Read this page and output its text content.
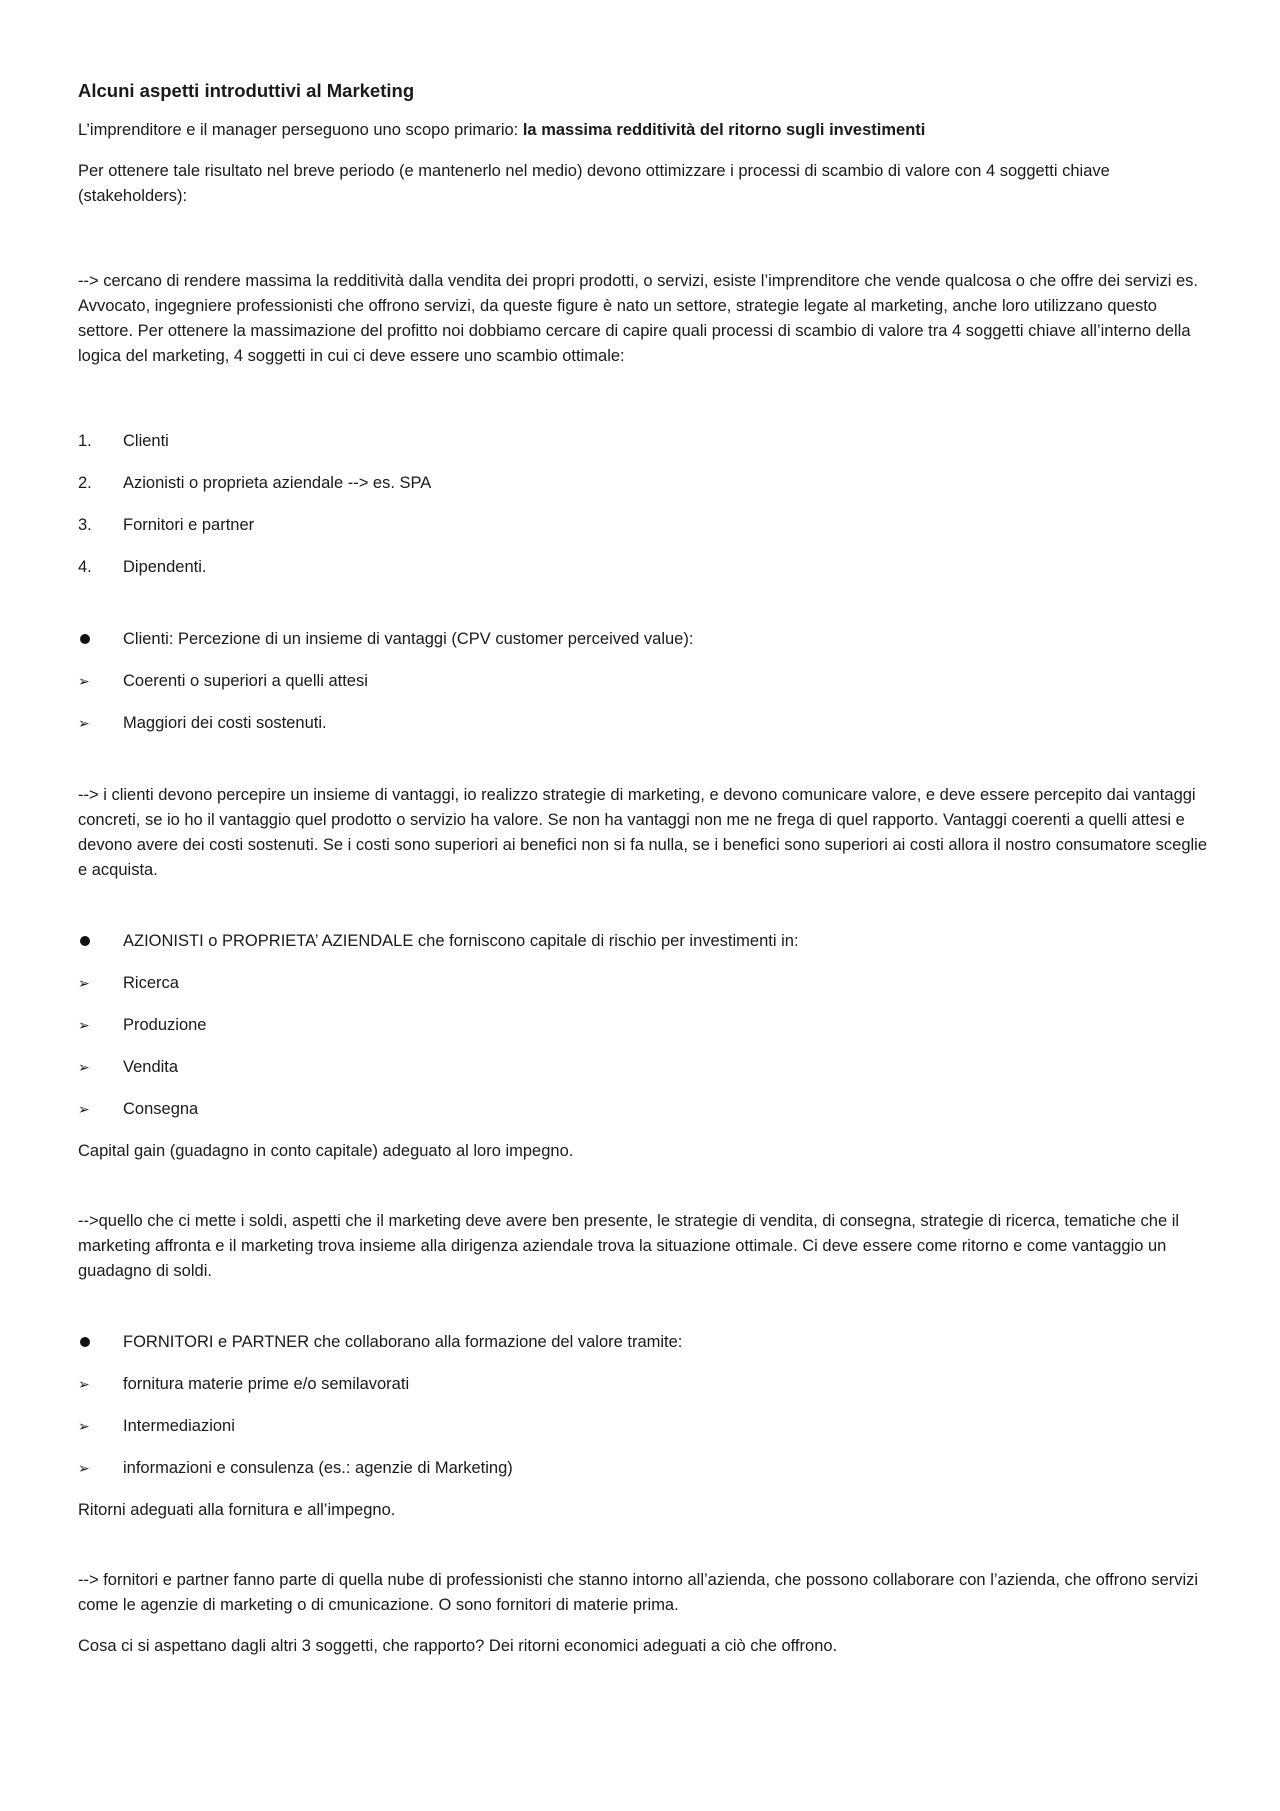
Alcuni aspetti introduttivi al Marketing

L’imprenditore e il manager perseguono uno scopo primario: la massima redditività del ritorno sugli investimenti

Per ottenere tale risultato nel breve periodo (e mantenerlo nel medio) devono ottimizzare i processi di scambio di valore con 4 soggetti chiave (stakeholders):

--> cercano di rendere massima la redditività dalla vendita dei propri prodotti, o servizi, esiste l’imprenditore che vende qualcosa o che offre dei servizi es. Avvocato, ingegniere professionisti che offrono servizi, da queste figure è nato un settore, strategie legate al marketing, anche loro utilizzano questo settore. Per ottenere la massimazione del profitto noi dobbiamo cercare di capire quali processi di scambio di valore tra 4 soggetti chiave all’interno della logica del marketing, 4 soggetti in cui ci deve essere uno scambio ottimale:

1.	Clienti
2.	Azionisti o proprieta aziendale --> es. SPA
3.	Fornitori e partner
4.	Dipendenti.
Clienti: Percezione di un insieme di vantaggi (CPV customer perceived value):
➢	Coerenti o superiori a quelli attesi
➢	Maggiori dei costi sostenuti.

--> i clienti devono percepire un insieme di vantaggi, io realizzo strategie di marketing, e devono comunicare valore, e deve essere percepito dai vantaggi concreti, se io ho il vantaggio quel prodotto o servizio ha valore. Se non ha vantaggi non me ne frega di quel rapporto. Vantaggi coerenti a quelli attesi e devono avere dei costi sostenuti. Se i costi sono superiori ai benefici non si fa nulla, se i benefici sono superiori ai costi allora il nostro consumatore sceglie e acquista.

AZIONISTI o PROPRIETA’ AZIENDALE che forniscono capitale di rischio per investimenti in:
➢	Ricerca
➢	Produzione
➢	Vendita
➢	Consegna

Capital gain (guadagno in conto capitale) adeguato al loro impegno.

-->quello che ci mette i soldi, aspetti che il marketing deve avere ben presente, le strategie di vendita, di consegna, strategie di ricerca, tematiche che il marketing affronta e il marketing trova insieme alla dirigenza aziendale trova la situazione ottimale. Ci deve essere come ritorno e come vantaggio un guadagno di soldi.

FORNITORI e PARTNER che collaborano alla formazione del valore tramite:
➢	fornitura materie prime e/o semilavorati
➢	Intermediazioni
➢	informazioni e consulenza (es.: agenzie di Marketing)

Ritorni adeguati alla fornitura e all’impegno.

--> fornitori e partner fanno parte di quella nube di professionisti che stanno intorno all’azienda, che possono collaborare con l’azienda, che offrono servizi come le agenzie di marketing o di cmunicazione. O sono fornitori di materie prima.

Cosa ci si aspettano dagli altri 3 soggetti, che rapporto? Dei ritorni economici adeguati a ciò che offrono.
